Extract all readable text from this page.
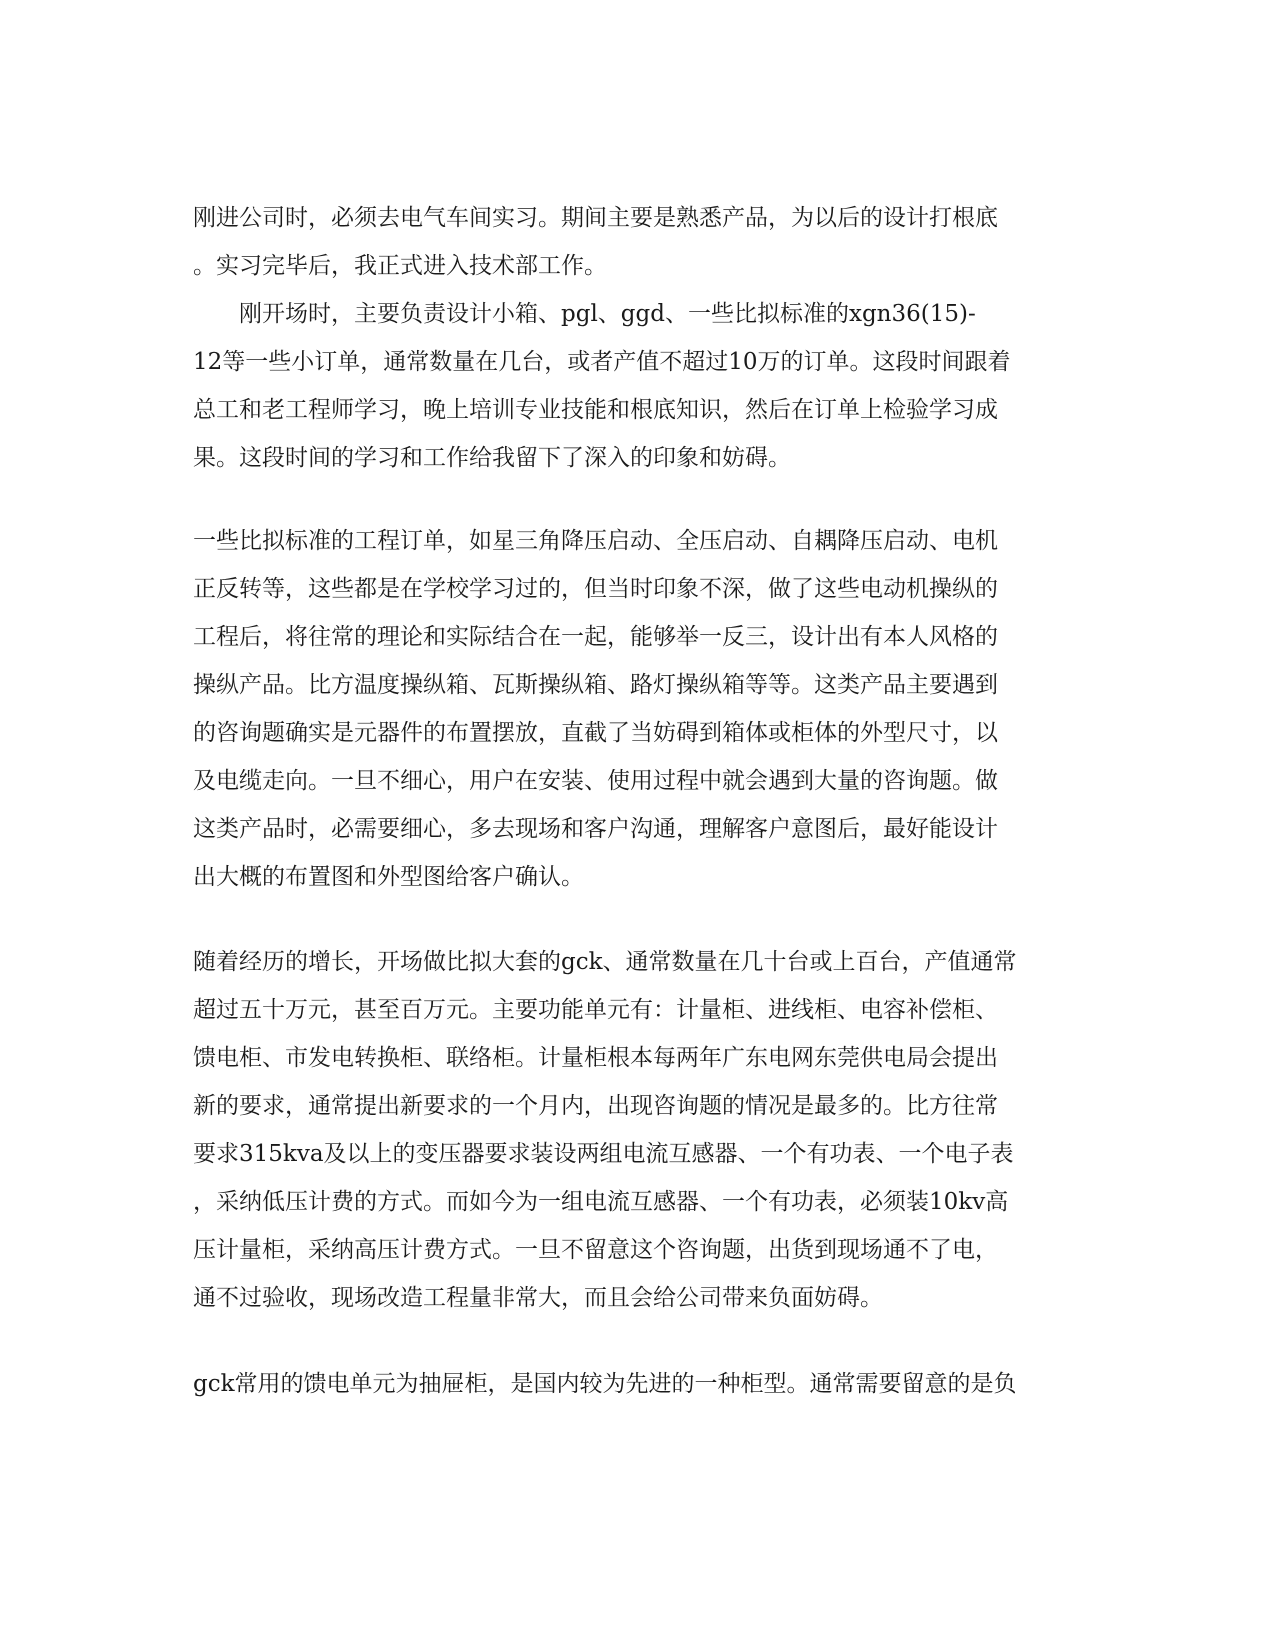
刚进公司时，必须去电气车间实习。期间主要是熟悉产品，为以后的设计打根底
。实习完毕后，我正式进入技术部工作。
刚开场时，主要负责设计小箱、pgl、ggd、一些比拟标准的xgn36(15)-
12等一些小订单，通常数量在几台，或者产值不超过10万的订单。这段时间跟着
总工和老工程师学习，晚上培训专业技能和根底知识，然后在订单上检验学习成
果。这段时间的学习和工作给我留下了深入的印象和妨碍。
一些比拟标准的工程订单，如星三角降压启动、全压启动、自耦降压启动、电机
正反转等，这些都是在学校学习过的，但当时印象不深，做了这些电动机操纵的
工程后，将往常的理论和实际结合在一起，能够举一反三，设计出有本人风格的
操纵产品。比方温度操纵箱、瓦斯操纵箱、路灯操纵箱等等。这类产品主要遇到
的咨询题确实是元器件的布置摆放，直截了当妨碍到箱体或柜体的外型尺寸，以
及电缆走向。一旦不细心，用户在安装、使用过程中就会遇到大量的咨询题。做
这类产品时，必需要细心，多去现场和客户沟通，理解客户意图后，最好能设计
出大概的布置图和外型图给客户确认。
随着经历的增长，开场做比拟大套的gck、通常数量在几十台或上百台，产值通常
超过五十万元，甚至百万元。主要功能单元有：计量柜、进线柜、电容补偿柜、
馈电柜、市发电转换柜、联络柜。计量柜根本每两年广东电网东莞供电局会提出
新的要求，通常提出新要求的一个月内，出现咨询题的情况是最多的。比方往常
要求315kva及以上的变压器要求装设两组电流互感器、一个有功表、一个电子表
，采纳低压计费的方式。而如今为一组电流互感器、一个有功表，必须装10kv高
压计量柜，采纳高压计费方式。一旦不留意这个咨询题，出货到现场通不了电，
通不过验收，现场改造工程量非常大，而且会给公司带来负面妨碍。
gck常用的馈电单元为抽屉柜，是国内较为先进的一种柜型。通常需要留意的是负
